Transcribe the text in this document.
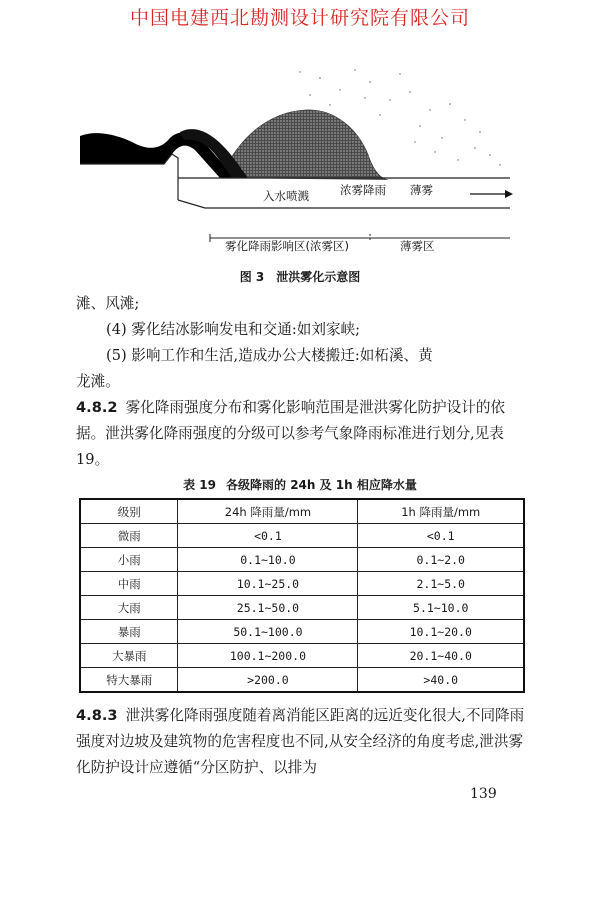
中国电建西北勘测设计研究院有限公司
入水喷溅	浓雾降雨 薄雾
雾化降雨影响区(浓雾区)	薄雾区
图 3 泄洪雾化示意图

滩、风滩;

(4) 雾化结冰影响发电和交通:如刘家峡;

(5) 影响工作和生活,造成办公大楼搬迁:如柘溪、黄

龙滩。

4.8.2 雾化降雨强度分布和雾化影响范围是泄洪雾化防护设计的依据。泄洪雾化降雨强度的分级可以参考气象降雨标准进行划分,见表 19。

表 19 各级降雨的 24h 及 1h 相应降水量
级别	24h 降雨量/mm	1h 降雨量/mm
微雨	<0.1	<0.1
小雨	0.1~10.0	0.1~2.0
中雨	10.1~25.0	2.1~5.0
大雨	25.1~50.0	5.1~10.0
暴雨	50.1~100.0	10.1~20.0
大暴雨	100.1~200.0	20.1~40.0
特大暴雨	>200.0	>40.0

4.8.3 泄洪雾化降雨强度随着离消能区距离的远近变化很大,不同降雨强度对边坡及建筑物的危害程度也不同,从安全经济的角度考虑,泄洪雾化防护设计应遵循“分区防护、以排为

139
